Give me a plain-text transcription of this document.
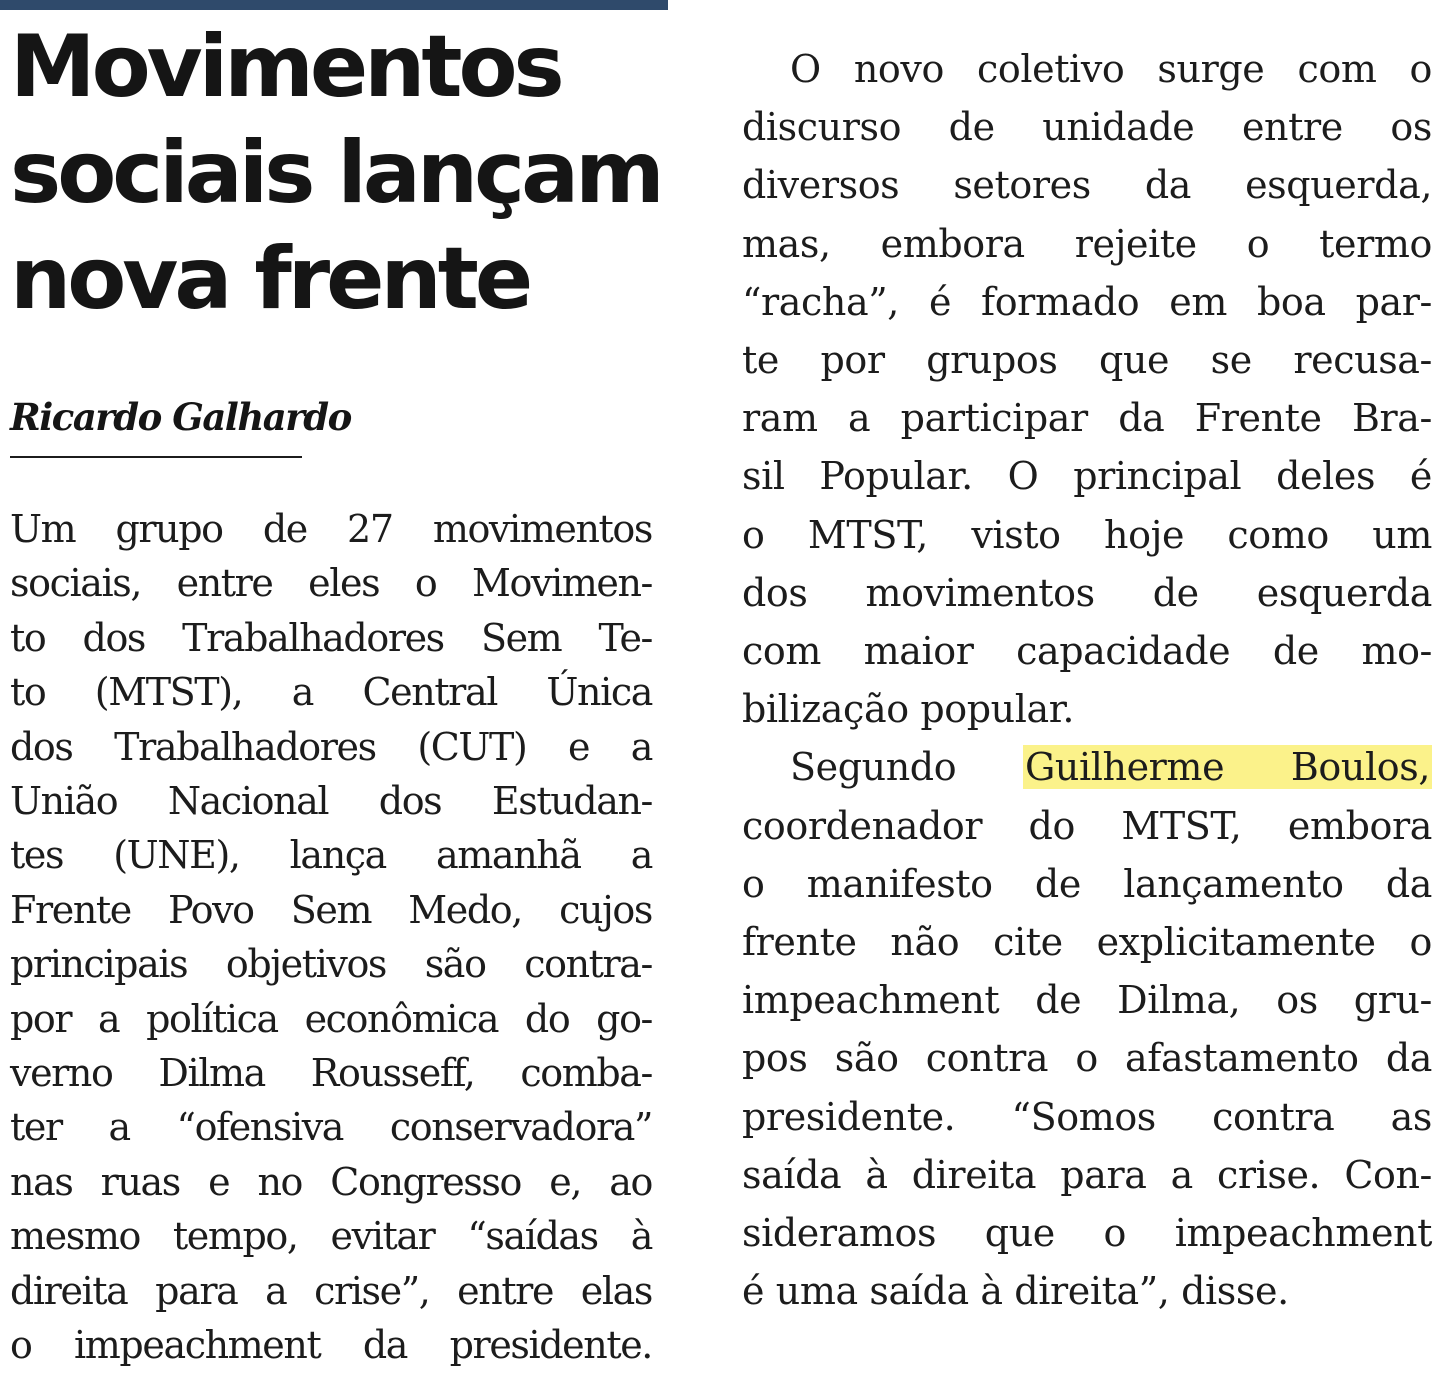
Movimentos
sociais lançam
nova frente
Ricardo Galhardo
Um grupo de 27 movimentos
sociais, entre eles o Movimen-
to dos Trabalhadores Sem Te-
to (MTST), a Central Única
dos Trabalhadores (CUT) e a
União Nacional dos Estudan-
tes (UNE), lança amanhã a
Frente Povo Sem Medo, cujos
principais objetivos são contra-
por a política econômica do go-
verno Dilma Rousseff, comba-
ter a “ofensiva conservadora”
nas ruas e no Congresso e, ao
mesmo tempo, evitar “saídas à
direita para a crise”, entre elas
o impeachment da presidente.
O novo coletivo surge com o
discurso de unidade entre os
diversos setores da esquerda,
mas, embora rejeite o termo
“racha”, é formado em boa par-
te por grupos que se recusa-
ram a participar da Frente Bra-
sil Popular. O principal deles é
o MTST, visto hoje como um
dos movimentos de esquerda
com maior capacidade de mo-
bilização popular.
Segundo Guilherme Boulos,
coordenador do MTST, embora
o manifesto de lançamento da
frente não cite explicitamente o
impeachment de Dilma, os gru-
pos são contra o afastamento da
presidente. “Somos contra as
saída à direita para a crise. Con-
sideramos que o impeachment
é uma saída à direita”, disse.
